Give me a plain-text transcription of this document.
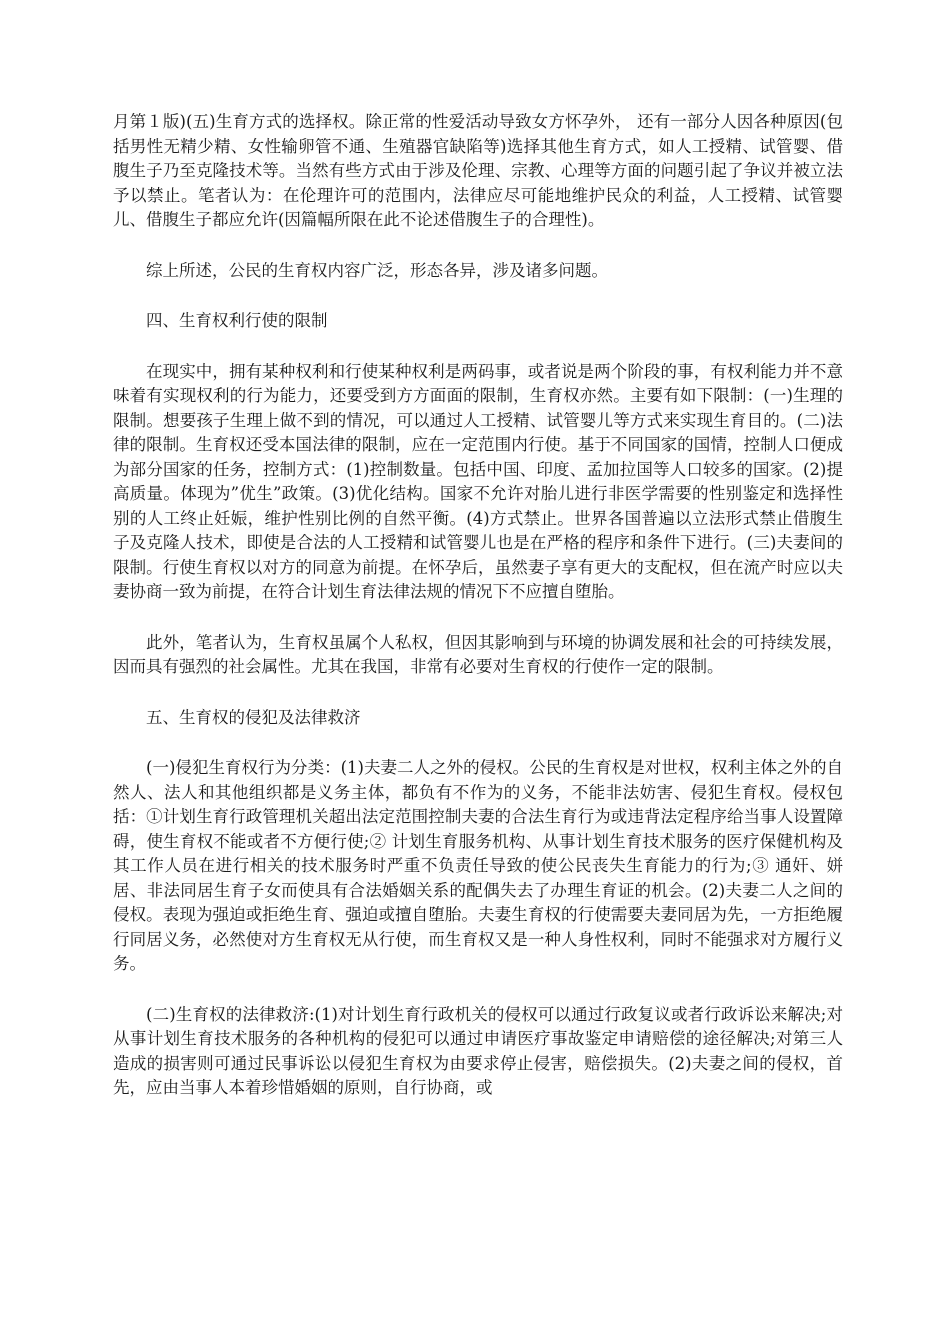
月第１版)(五)生育方式的选择权。除正常的性爱活动导致女方怀孕外， 还有一部分人因各种原因(包括男性无精少精、女性输卵管不通、生殖器官缺陷等)选择其他生育方式，如人工授精、试管婴、借腹生子乃至克隆技术等。当然有些方式由于涉及伦理、宗教、心理等方面的问题引起了争议并被立法予以禁止。笔者认为：在伦理许可的范围内，法律应尽可能地维护民众的利益，人工授精、试管婴儿、借腹生子都应允许(因篇幅所限在此不论述借腹生子的合理性)。

综上所述，公民的生育权内容广泛，形态各异，涉及诸多问题。

四、生育权利行使的限制

在现实中，拥有某种权利和行使某种权利是两码事，或者说是两个阶段的事，有权利能力并不意味着有实现权利的行为能力，还要受到方方面面的限制，生育权亦然。主要有如下限制：(一)生理的限制。想要孩子生理上做不到的情况，可以通过人工授精、试管婴儿等方式来实现生育目的。(二)法律的限制。生育权还受本国法律的限制，应在一定范围内行使。基于不同国家的国情，控制人口便成为部分国家的任务，控制方式：(1)控制数量。包括中国、印度、孟加拉国等人口较多的国家。(2)提高质量。体现为”优生”政策。(3)优化结构。国家不允许对胎儿进行非医学需要的性别鉴定和选择性别的人工终止妊娠，维护性别比例的自然平衡。(4)方式禁止。世界各国普遍以立法形式禁止借腹生子及克隆人技术，即使是合法的人工授精和试管婴儿也是在严格的程序和条件下进行。(三)夫妻间的限制。行使生育权以对方的同意为前提。在怀孕后，虽然妻子享有更大的支配权，但在流产时应以夫妻协商一致为前提，在符合计划生育法律法规的情况下不应擅自堕胎。

此外，笔者认为，生育权虽属个人私权，但因其影响到与环境的协调发展和社会的可持续发展，因而具有强烈的社会属性。尤其在我国，非常有必要对生育权的行使作一定的限制。

五、生育权的侵犯及法律救济

(一)侵犯生育权行为分类：(1)夫妻二人之外的侵权。公民的生育权是对世权，权利主体之外的自然人、法人和其他组织都是义务主体，都负有不作为的义务，不能非法妨害、侵犯生育权。侵权包括：①计划生育行政管理机关超出法定范围控制夫妻的合法生育行为或违背法定程序给当事人设置障碍，使生育权不能或者不方便行使;② 计划生育服务机构、从事计划生育技术服务的医疗保健机构及其工作人员在进行相关的技术服务时严重不负责任导致的使公民丧失生育能力的行为;③ 通奸、姘居、非法同居生育子女而使具有合法婚姻关系的配偶失去了办理生育证的机会。(2)夫妻二人之间的侵权。表现为强迫或拒绝生育、强迫或擅自堕胎。夫妻生育权的行使需要夫妻同居为先，一方拒绝履行同居义务，必然使对方生育权无从行使，而生育权又是一种人身性权利，同时不能强求对方履行义务。

(二)生育权的法律救济:(1)对计划生育行政机关的侵权可以通过行政复议或者行政诉讼来解决;对从事计划生育技术服务的各种机构的侵犯可以通过申请医疗事故鉴定申请赔偿的途径解决;对第三人造成的损害则可通过民事诉讼以侵犯生育权为由要求停止侵害，赔偿损失。(2)夫妻之间的侵权，首先，应由当事人本着珍惜婚姻的原则，自行协商，或
